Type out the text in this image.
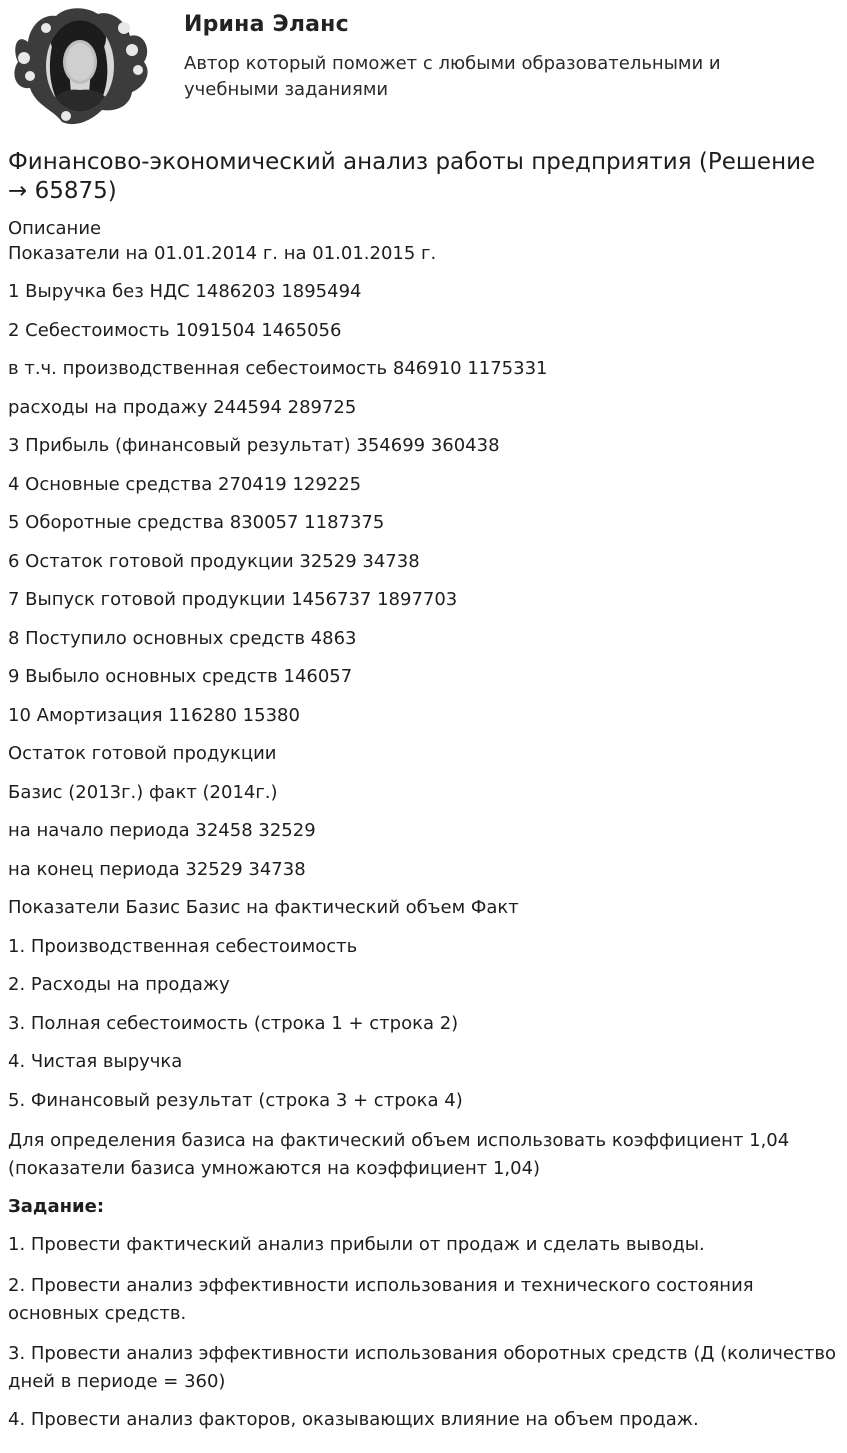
Ирина Эланс
Автор который поможет с любыми образовательными и учебными заданиями
Финансово-экономический анализ работы предприятия (Решение → 65875)
Описание
Показатели на 01.01.2014 г. на 01.01.2015 г.
1 Выручка без НДС 1486203 1895494
2 Себестоимость 1091504 1465056
в т.ч. производственная себестоимость 846910 1175331
расходы на продажу 244594 289725
3 Прибыль (финансовый результат) 354699 360438
4 Основные средства 270419 129225
5 Оборотные средства 830057 1187375
6 Остаток готовой продукции 32529 34738
7 Выпуск готовой продукции 1456737 1897703
8 Поступило основных средств 4863
9 Выбыло основных средств 146057
10 Амортизация 116280 15380
Остаток готовой продукции
Базис (2013г.) факт (2014г.)
на начало периода 32458 32529
на конец периода 32529 34738
Показатели Базис Базис на фактический объем Факт
1. Производственная себестоимость
2. Расходы на продажу
3. Полная себестоимость (строка 1 + строка 2)
4. Чистая выручка
5. Финансовый результат (строка 3 + строка 4)
Для определения базиса на фактический объем использовать коэффициент 1,04 (показатели базиса умножаются на коэффициент 1,04)
Задание:
1. Провести фактический анализ прибыли от продаж и сделать выводы.
2. Провести анализ эффективности использования и технического состояния основных средств.
3. Провести анализ эффективности использования оборотных средств (Д (количество дней в периоде = 360)
4. Провести анализ факторов, оказывающих влияние на объем продаж.
